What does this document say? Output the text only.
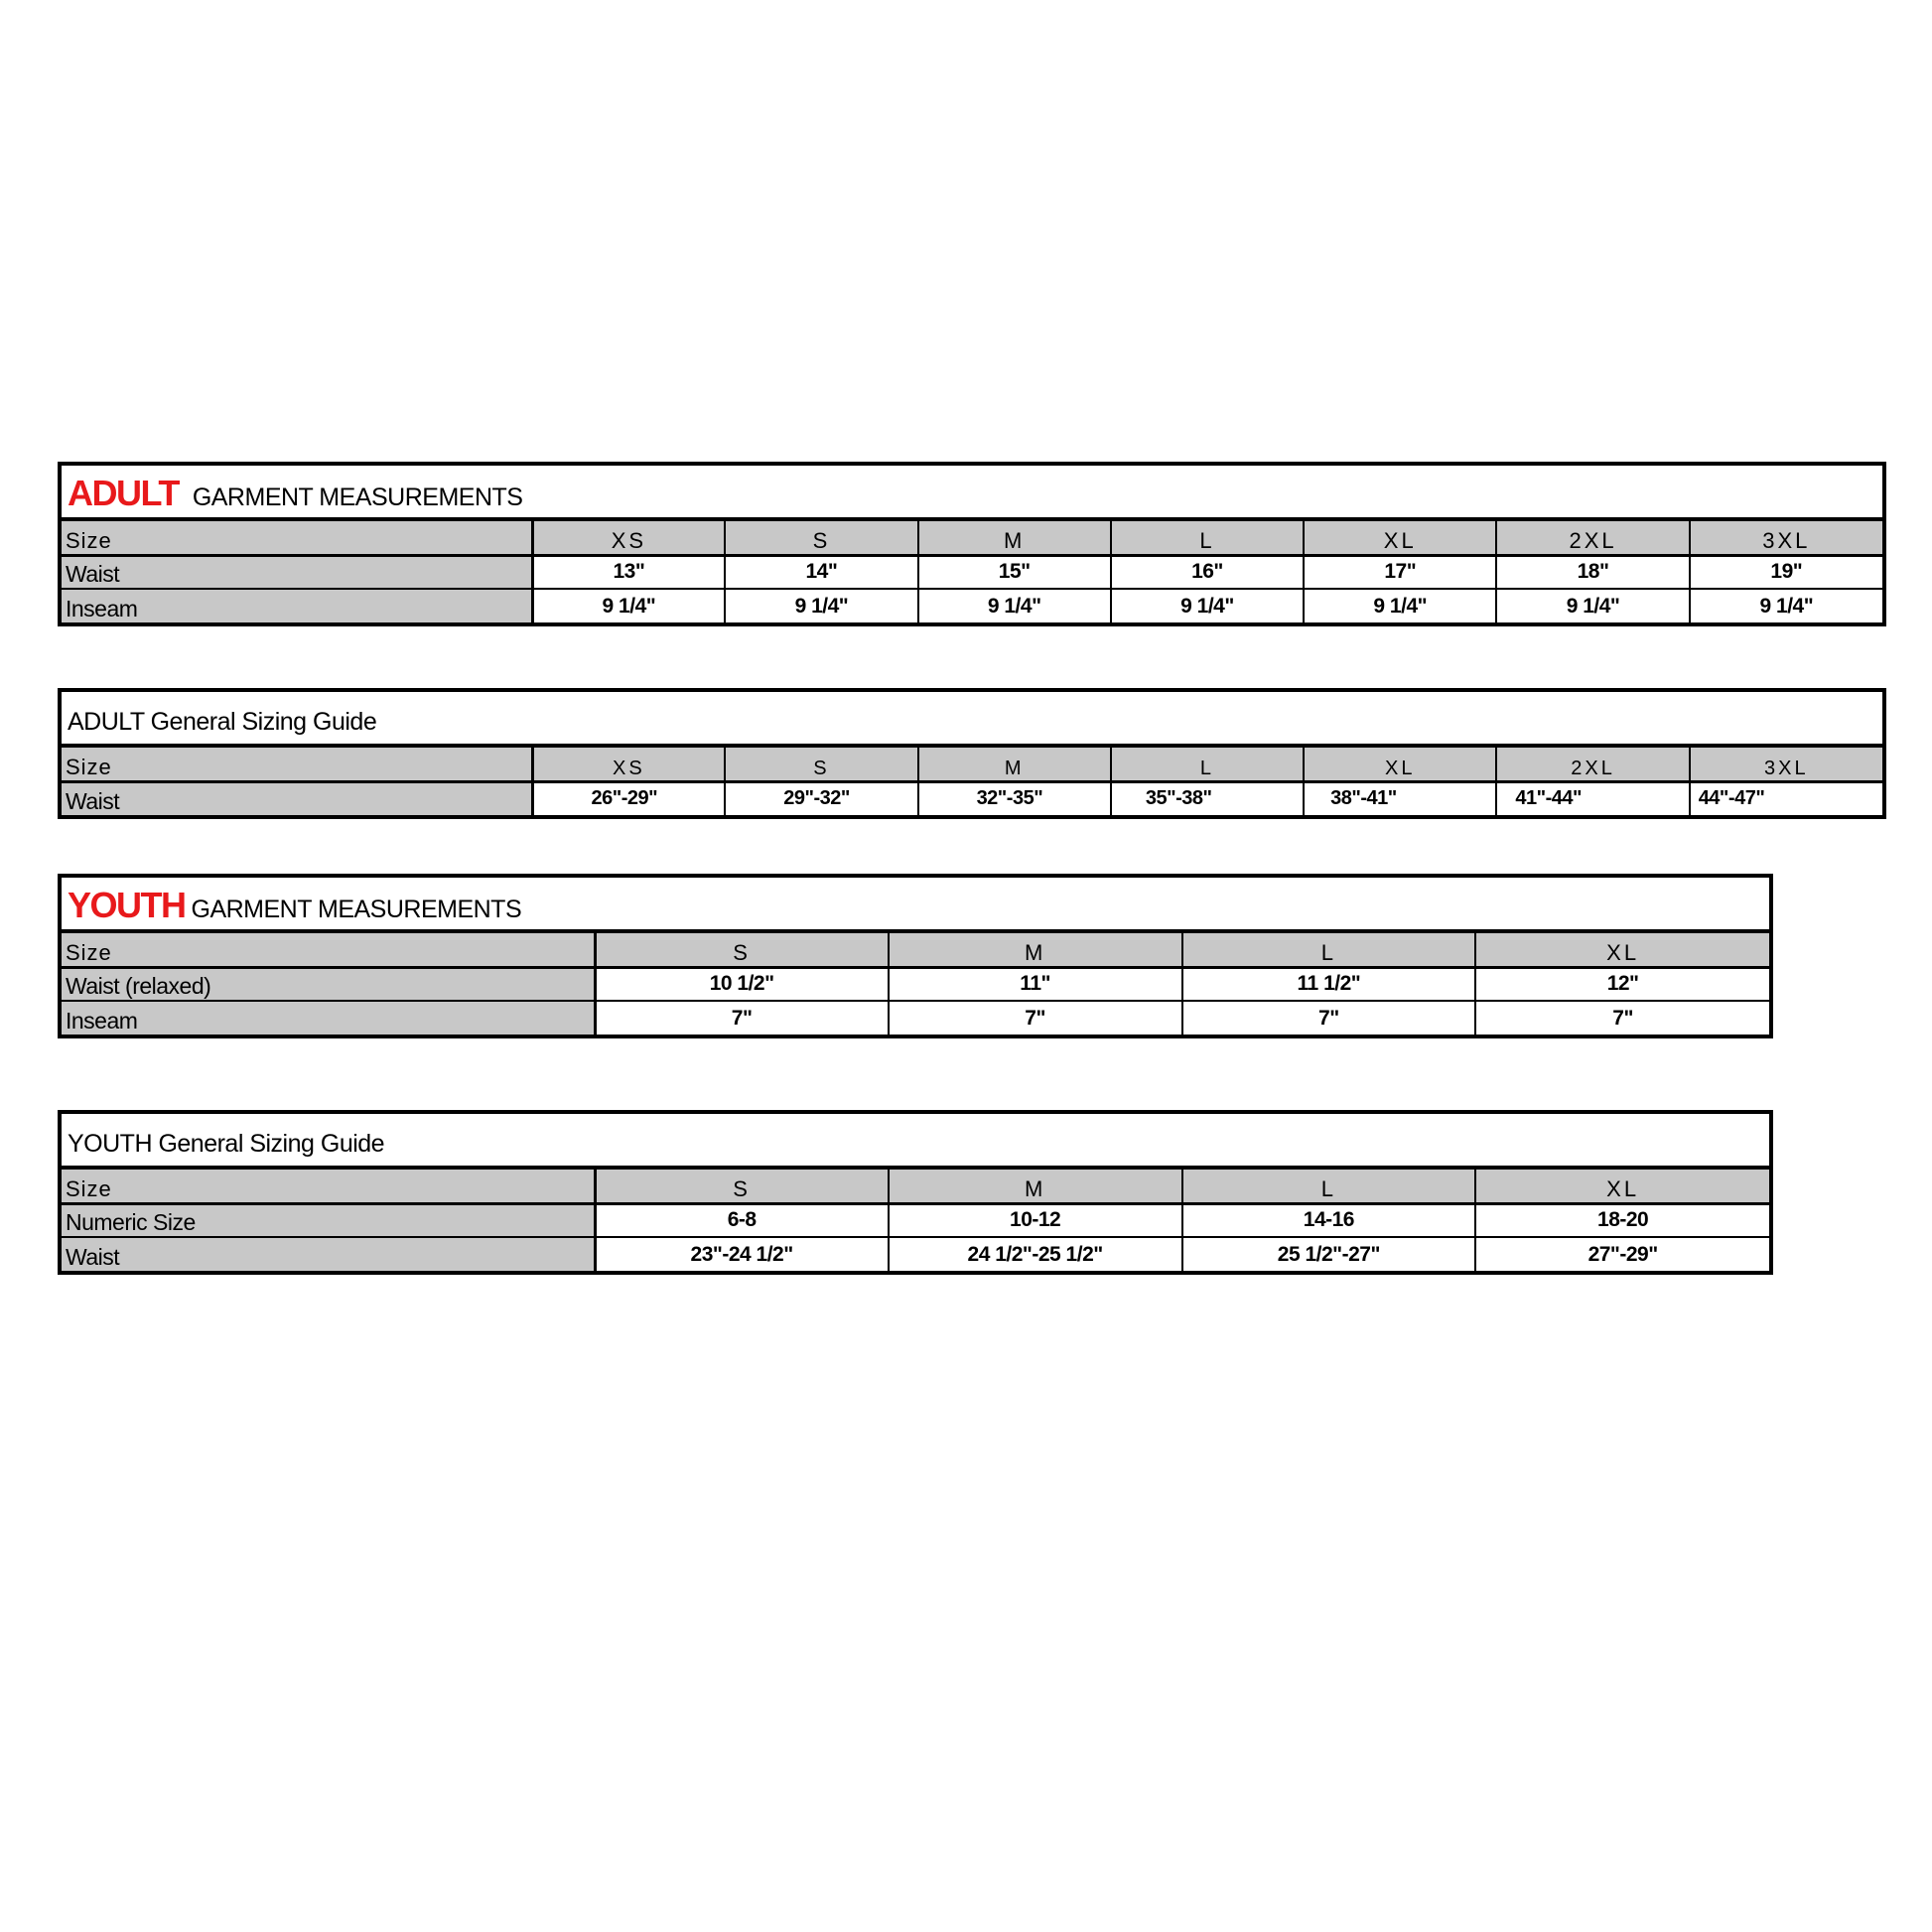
ADULT GARMENT MEASUREMENTS
Size	XS	S	M	L	XL	2XL	3XL
Waist	13"	14"	15"	16"	17"	18"	19"
Inseam	9 1/4"	9 1/4"	9 1/4"	9 1/4"	9 1/4"	9 1/4"	9 1/4"
ADULT General Sizing Guide
Size	XS	S	M	L	XL	2XL	3XL
Waist	26"-29"	29"-32"	32"-35"	35"-38"	38"-41"	41"-44"	44"-47"
YOUTH GARMENT MEASUREMENTS
Size	S	M	L	XL
Waist (relaxed)	10 1/2"	11"	11 1/2"	12"
Inseam	7"	7"	7"	7"
YOUTH General Sizing Guide
Size	S	M	L	XL
Numeric Size	6-8	10-12	14-16	18-20
Waist	23"-24 1/2"	24 1/2"-25 1/2"	25 1/2"-27"	27"-29"
